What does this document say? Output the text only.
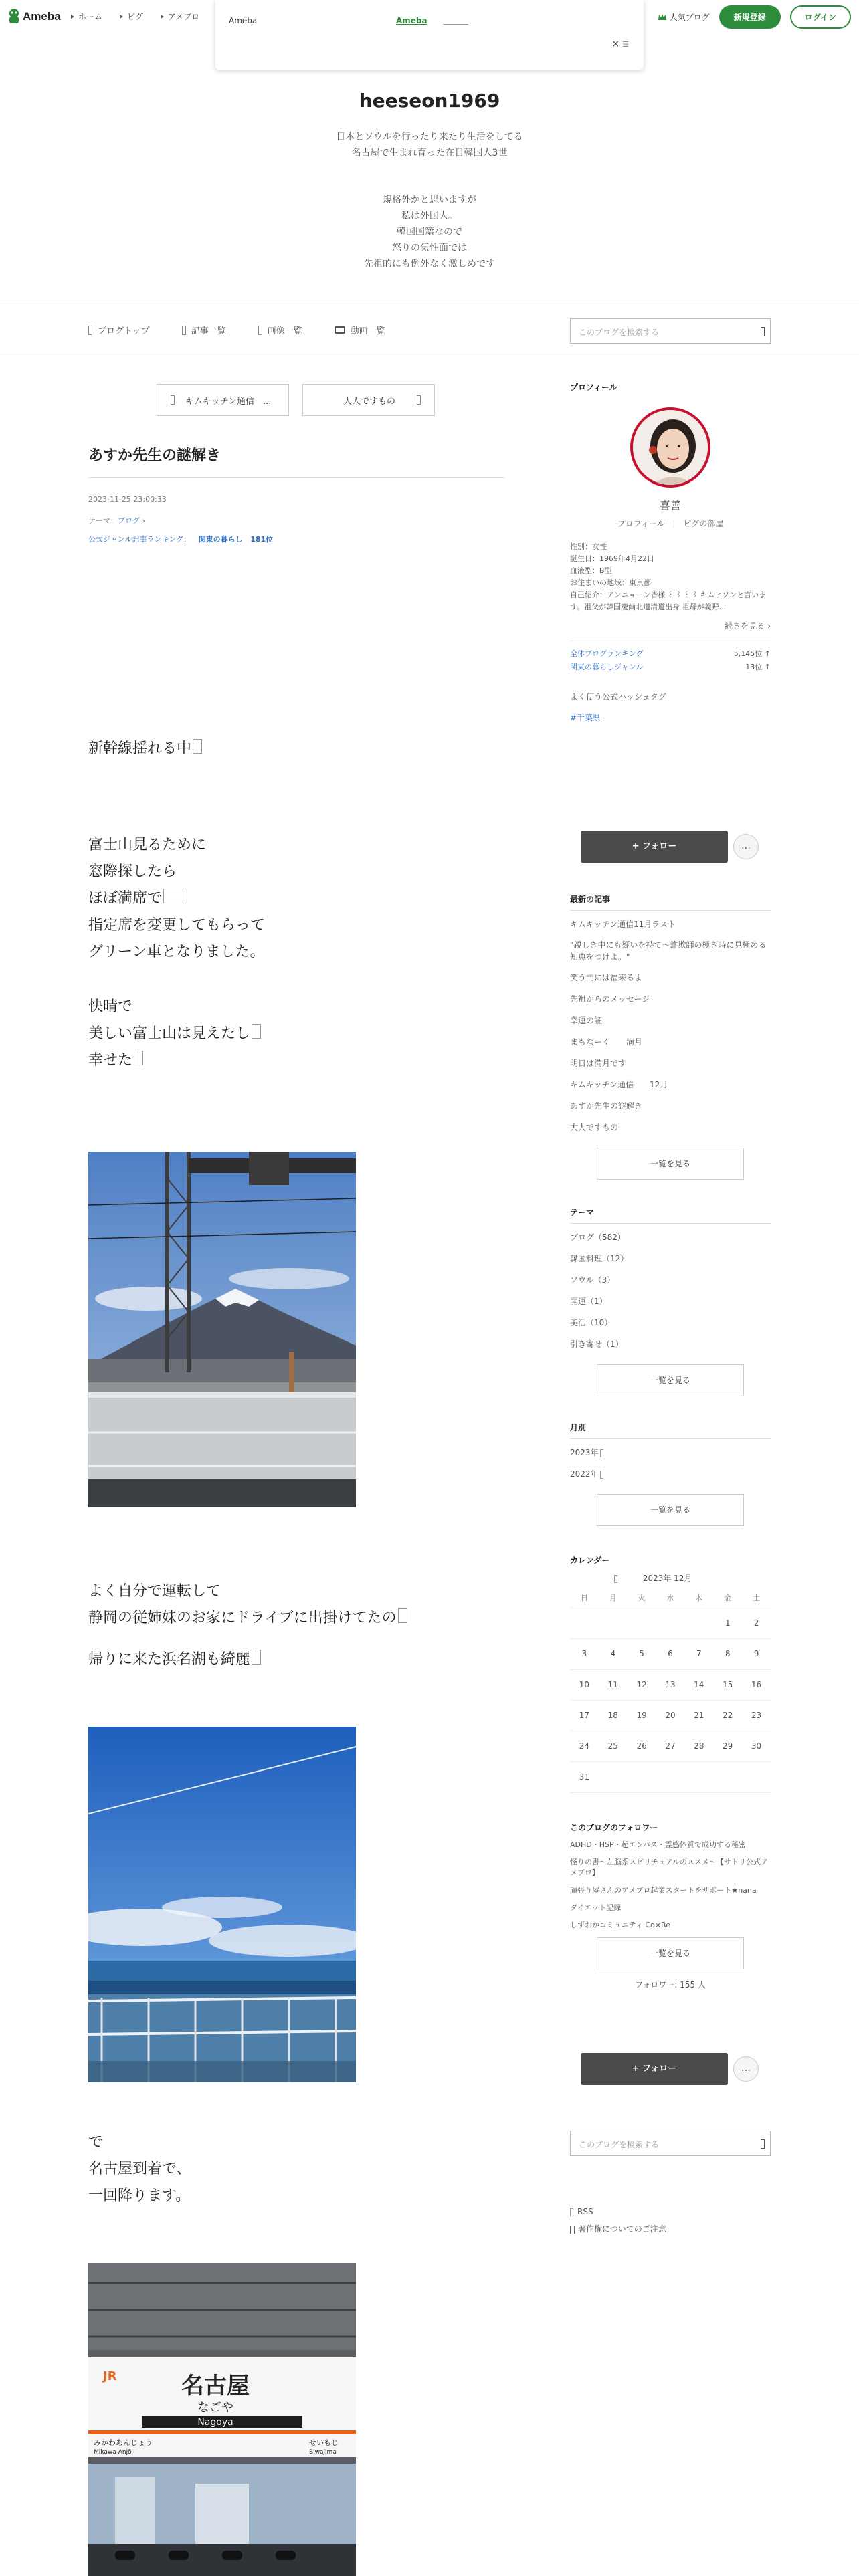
Ameba ホーム	ピグ	アメブロ	人気ブログ	新規登録	ログイン
Ameba	Ameba
× ☰
heeseon1969
日本とソウルを行ったり来たり生活をしてる
名古屋で生まれ育った在日韓国人3世
規格外かと思いますが
私は外国人。
韓国国籍なので
怒りの気性面では
先祖的にも例外なく激しめです
ブログトップ	記事一覧	画像一覧	動画一覧	このブログを検索する
キムキッチン通信　...	大人ですもの
あすか先生の謎解き
2023-11-25 23:00:33
テーマ：ブログ ›
公式ジャンル記事ランキング： 関東の暮らし 181位
新幹線揺れる中
富士山見るために
窓際探したら
ほぼ満席で
指定席を変更してもらって
グリーン車となりました。
快晴で
美しい富士山は見えたし
幸せた
よく自分で運転して
静岡の従姉妹のお家にドライブに出掛けてたの
帰りに来た浜名湖も綺麗
で
名古屋到着で、
一回降ります。
名古屋
なごや
Nagoya
JR
みかわあんじょう
Mikawa-Anjō
せいもじ
Biwajima
プロフィール
喜善
プロフィール | ピグの部屋
性別：女性
誕生日：1969年4月22日
血液型：B型
お住まいの地域：東京都
自己紹介：アンニョーン皆様 ꒰ ꒱ ꒰ ꒱ キムヒソンと言います。祖父が韓国慶尚北道清道出身 祖母が義野...
続きを見る ›
全体ブログランキング	5,145位 ↑
関東の暮らしジャンル	13位 ↑
よく使う公式ハッシュタグ
#千葉県
+ フォロー	…
最新の記事
キムキッチン通信11月ラスト
"親しき中にも疑いを持て〜詐欺師の極ぎ時に見極める知恵をつけよ。"
笑う門には福来るよ
先祖からのメッセージ
幸運の証
まもなーく　　満月
明日は満月です
キムキッチン通信　　12月
あすか先生の謎解き
大人ですもの
一覧を見る
テーマ
ブログ（582）
韓国料理（12）
ソウル（3）
開運（1）
美活（10）
引き寄せ（1）
一覧を見る
月別
2023年
2022年
一覧を見る
カレンダー
2023年 12月
日	月	火	水	木	金	土
					1	2
3	4	5	6	7	8	9
10	11	12	13	14	15	16
17	18	19	20	21	22	23
24	25	26	27	28	29	30
31						
このブログのフォロワー
ADHD・HSP・超エンパス・霊感体質で成功する秘密
怪りの書〜左脳系スピリチュアルのススメ〜【サトリ公式アメブロ】
頑張り屋さんのアメブロ起業スタートをサポート★nana
ダイエット記録
しずおかコミュニティ Co×Re
一覧を見る
フォロワー: 155 人
+ フォロー	…
このブログを検索する
RSS
著作権についてのご注意
